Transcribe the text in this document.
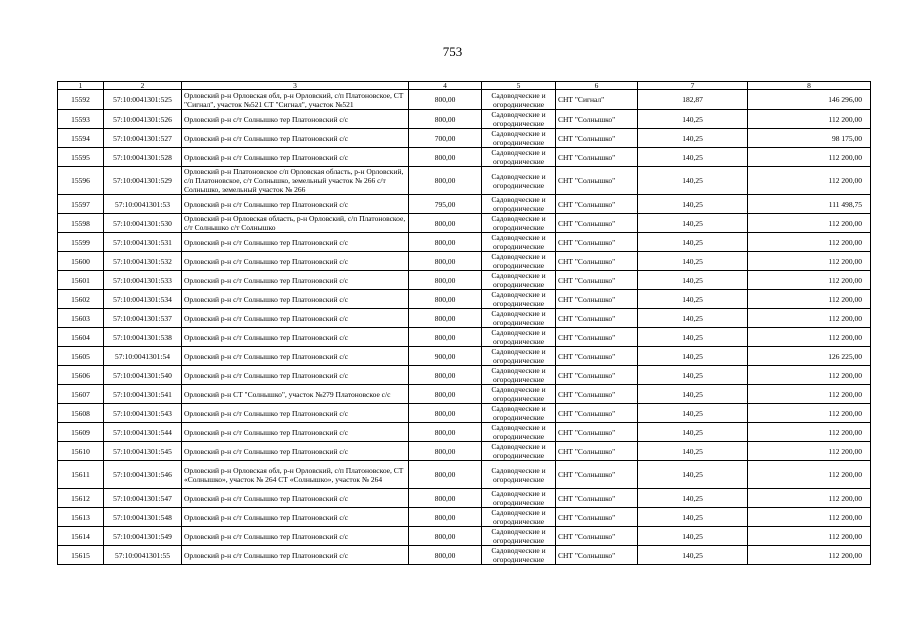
753
1	2	3	4	5	6	7	8
15592	57:10:0041301:525	Орловский р-н Орловская обл, р-н Орловский, с/п Платоновское, СТ "Сигнал", участок №521 СТ "Сигнал", участок №521	800,00	Садоводческие и огороднические	СНТ "Сигнал"	182,87	146 296,00
15593	57:10:0041301:526	Орловский р-н с/т Солнышко тер Платоновский с/с	800,00	Садоводческие и огороднические	СНТ "Солнышко"	140,25	112 200,00
15594	57:10:0041301:527	Орловский р-н с/т Солнышко тер Платоновский с/с	700,00	Садоводческие и огороднические	СНТ "Солнышко"	140,25	98 175,00
15595	57:10:0041301:528	Орловский р-н с/т Солнышко тер Платоновский с/с	800,00	Садоводческие и огороднические	СНТ "Солнышко"	140,25	112 200,00
15596	57:10:0041301:529	Орловский р-н Платоновское с/п Орловская область, р-н Орловский, с/п Платоновское, с/т Солнышко, земельный участок № 266 с/т Солнышко, земельный участок № 266	800,00	Садоводческие и огороднические	СНТ "Солнышко"	140,25	112 200,00
15597	57:10:0041301:53	Орловский р-н с/т Солнышко тер Платоновский с/с	795,00	Садоводческие и огороднические	СНТ "Солнышко"	140,25	111 498,75
15598	57:10:0041301:530	Орловский р-н Орловская область, р-н Орловский, с/п Платоновское, с/т Солнышко с/т Солнышко	800,00	Садоводческие и огороднические	СНТ "Солнышко"	140,25	112 200,00
15599	57:10:0041301:531	Орловский р-н с/т Солнышко тер Платоновский с/с	800,00	Садоводческие и огороднические	СНТ "Солнышко"	140,25	112 200,00
15600	57:10:0041301:532	Орловский р-н с/т Солнышко тер Платоновский с/с	800,00	Садоводческие и огороднические	СНТ "Солнышко"	140,25	112 200,00
15601	57:10:0041301:533	Орловский р-н с/т Солнышко тер Платоновский с/с	800,00	Садоводческие и огороднические	СНТ "Солнышко"	140,25	112 200,00
15602	57:10:0041301:534	Орловский р-н с/т Солнышко тер Платоновский с/с	800,00	Садоводческие и огороднические	СНТ "Солнышко"	140,25	112 200,00
15603	57:10:0041301:537	Орловский р-н с/т Солнышко тер Платоновский с/с	800,00	Садоводческие и огороднические	СНТ "Солнышко"	140,25	112 200,00
15604	57:10:0041301:538	Орловский р-н с/т Солнышко тер Платоновский с/с	800,00	Садоводческие и огороднические	СНТ "Солнышко"	140,25	112 200,00
15605	57:10:0041301:54	Орловский р-н с/т Солнышко тер Платоновский с/с	900,00	Садоводческие и огороднические	СНТ "Солнышко"	140,25	126 225,00
15606	57:10:0041301:540	Орловский р-н с/т Солнышко тер Платоновский с/с	800,00	Садоводческие и огороднические	СНТ "Солнышко"	140,25	112 200,00
15607	57:10:0041301:541	Орловский р-н СТ "Солнышко", участок №279 Платоновское с/с	800,00	Садоводческие и огороднические	СНТ "Солнышко"	140,25	112 200,00
15608	57:10:0041301:543	Орловский р-н с/т Солнышко тер Платоновский с/с	800,00	Садоводческие и огороднические	СНТ "Солнышко"	140,25	112 200,00
15609	57:10:0041301:544	Орловский р-н с/т Солнышко тер Платоновский с/с	800,00	Садоводческие и огороднические	СНТ "Солнышко"	140,25	112 200,00
15610	57:10:0041301:545	Орловский р-н с/т Солнышко тер Платоновский с/с	800,00	Садоводческие и огороднические	СНТ "Солнышко"	140,25	112 200,00
15611	57:10:0041301:546	Орловский р-н Орловская обл, р-н Орловский, с/п Платоновское, СТ «Солнышко», участок № 264 СТ «Солнышко», участок № 264	800,00	Садоводческие и огороднические	СНТ "Солнышко"	140,25	112 200,00
15612	57:10:0041301:547	Орловский р-н с/т Солнышко тер Платоновский с/с	800,00	Садоводческие и огороднические	СНТ "Солнышко"	140,25	112 200,00
15613	57:10:0041301:548	Орловский р-н с/т Солнышко тер Платоновский с/с	800,00	Садоводческие и огороднические	СНТ "Солнышко"	140,25	112 200,00
15614	57:10:0041301:549	Орловский р-н с/т Солнышко тер Платоновский с/с	800,00	Садоводческие и огороднические	СНТ "Солнышко"	140,25	112 200,00
15615	57:10:0041301:55	Орловский р-н с/т Солнышко тер Платоновский с/с	800,00	Садоводческие и огороднические	СНТ "Солнышко"	140,25	112 200,00
